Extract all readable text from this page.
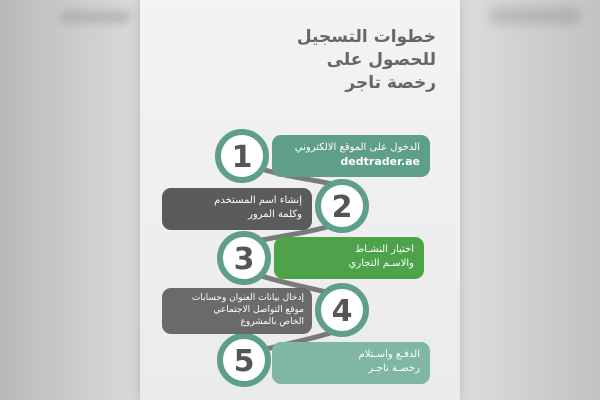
خطوات التسجيل
للحصول على
رخصة تاجر
1
2
3
4
5
الدخول على الموقع الالكتروني
dedtrader.ae
إنشاء اسم المستخدم
وكلمة المرور
اختيار النشـاط
والاسـم التجاري
إدخال بيانات العنوان وحسابات
موقع التواصل الاجتماعي
الخاص بالمشروع
الدفـع واسـتلام
رخصـة تاجـر
